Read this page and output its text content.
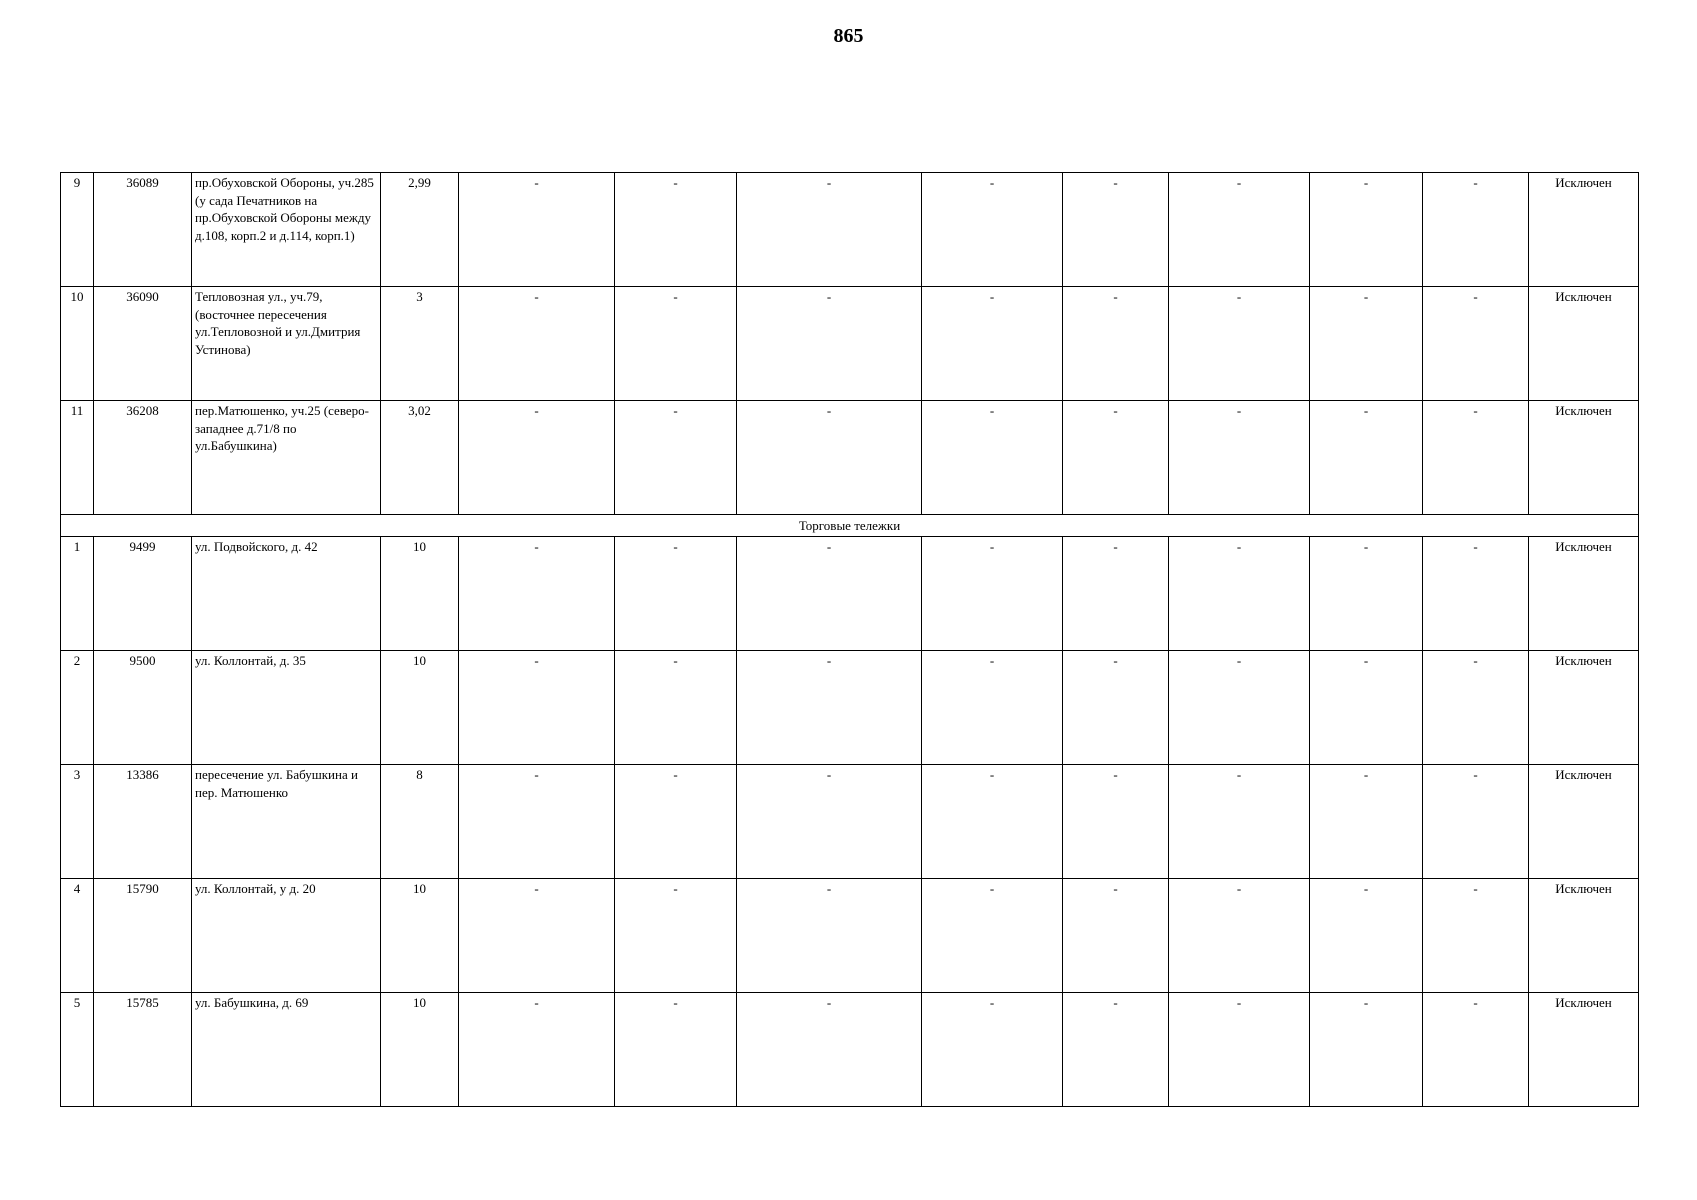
865
9	36089	пр.Обуховской Обороны, уч.285 (у сада Печатников на пр.Обуховской Обороны между д.108, корп.2 и д.114, корп.1)	2,99	-	-	-	-	-	-	-	-	Исключен
10	36090	Тепловозная ул., уч.79, (восточнее пересечения ул.Тепловозной и ул.Дмитрия Устинова)	3	-	-	-	-	-	-	-	-	Исключен
11	36208	пер.Матюшенко, уч.25 (северо-западнее д.71/8 по ул.Бабушкина)	3,02	-	-	-	-	-	-	-	-	Исключен
Торговые тележки												
1	9499	ул. Подвойского, д. 42	10	-	-	-	-	-	-	-	-	Исключен
2	9500	ул. Коллонтай, д. 35	10	-	-	-	-	-	-	-	-	Исключен
3	13386	пересечение ул. Бабушкина и пер. Матюшенко	8	-	-	-	-	-	-	-	-	Исключен
4	15790	ул. Коллонтай, у д. 20	10	-	-	-	-	-	-	-	-	Исключен
5	15785	ул. Бабушкина, д. 69	10	-	-	-	-	-	-	-	-	Исключен
